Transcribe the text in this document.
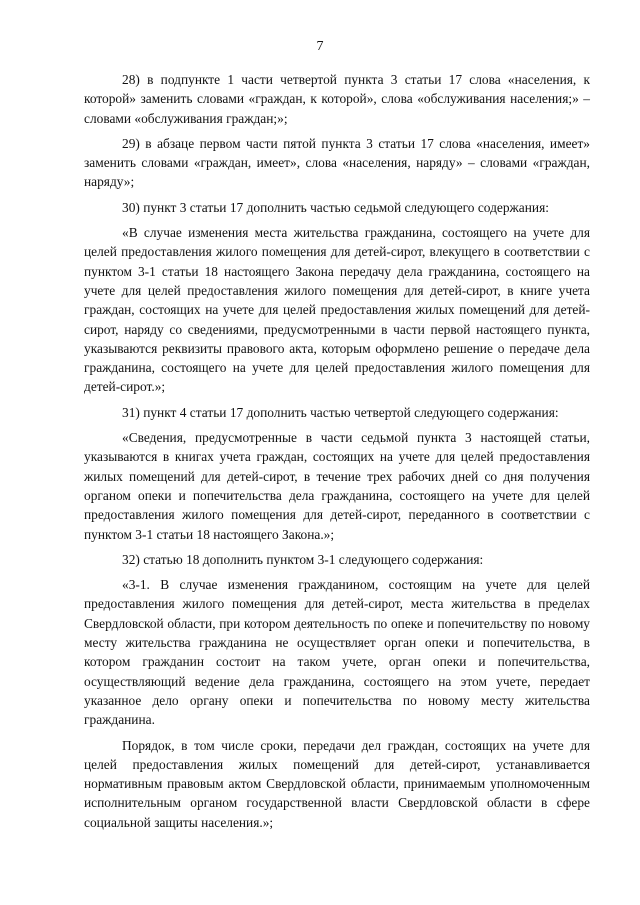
7

28) в подпункте 1 части четвертой пункта 3 статьи 17 слова «населения, к которой» заменить словами «граждан, к которой», слова «обслуживания населения;» – словами «обслуживания граждан;»;

29) в абзаце первом части пятой пункта 3 статьи 17 слова «населения, имеет» заменить словами «граждан, имеет», слова «населения, наряду» – словами «граждан, наряду»;

30) пункт 3 статьи 17 дополнить частью седьмой следующего содержания:

«В случае изменения места жительства гражданина, состоящего на учете для целей предоставления жилого помещения для детей-сирот, влекущего в соответствии с пунктом 3-1 статьи 18 настоящего Закона передачу дела гражданина, состоящего на учете для целей предоставления жилого помещения для детей-сирот, в книге учета граждан, состоящих на учете для целей предоставления жилых помещений для детей-сирот, наряду со сведениями, предусмотренными в части первой настоящего пункта, указываются реквизиты правового акта, которым оформлено решение о передаче дела гражданина, состоящего на учете для целей предоставления жилого помещения для детей-сирот.»;

31) пункт 4 статьи 17 дополнить частью четвертой следующего содержания:

«Сведения, предусмотренные в части седьмой пункта 3 настоящей статьи, указываются в книгах учета граждан, состоящих на учете для целей предоставления жилых помещений для детей-сирот, в течение трех рабочих дней со дня получения органом опеки и попечительства дела гражданина, состоящего на учете для целей предоставления жилого помещения для детей-сирот, переданного в соответствии с пунктом 3-1 статьи 18 настоящего Закона.»;

32) статью 18 дополнить пунктом 3-1 следующего содержания:

«3-1. В случае изменения гражданином, состоящим на учете для целей предоставления жилого помещения для детей-сирот, места жительства в пределах Свердловской области, при котором деятельность по опеке и попечительству по новому месту жительства гражданина не осуществляет орган опеки и попечительства, в котором гражданин состоит на таком учете, орган опеки и попечительства, осуществляющий ведение дела гражданина, состоящего на этом учете, передает указанное дело органу опеки и попечительства по новому месту жительства гражданина.

Порядок, в том числе сроки, передачи дел граждан, состоящих на учете для целей предоставления жилых помещений для детей-сирот, устанавливается нормативным правовым актом Свердловской области, принимаемым уполномоченным исполнительным органом государственной власти Свердловской области в сфере социальной защиты населения.»;
